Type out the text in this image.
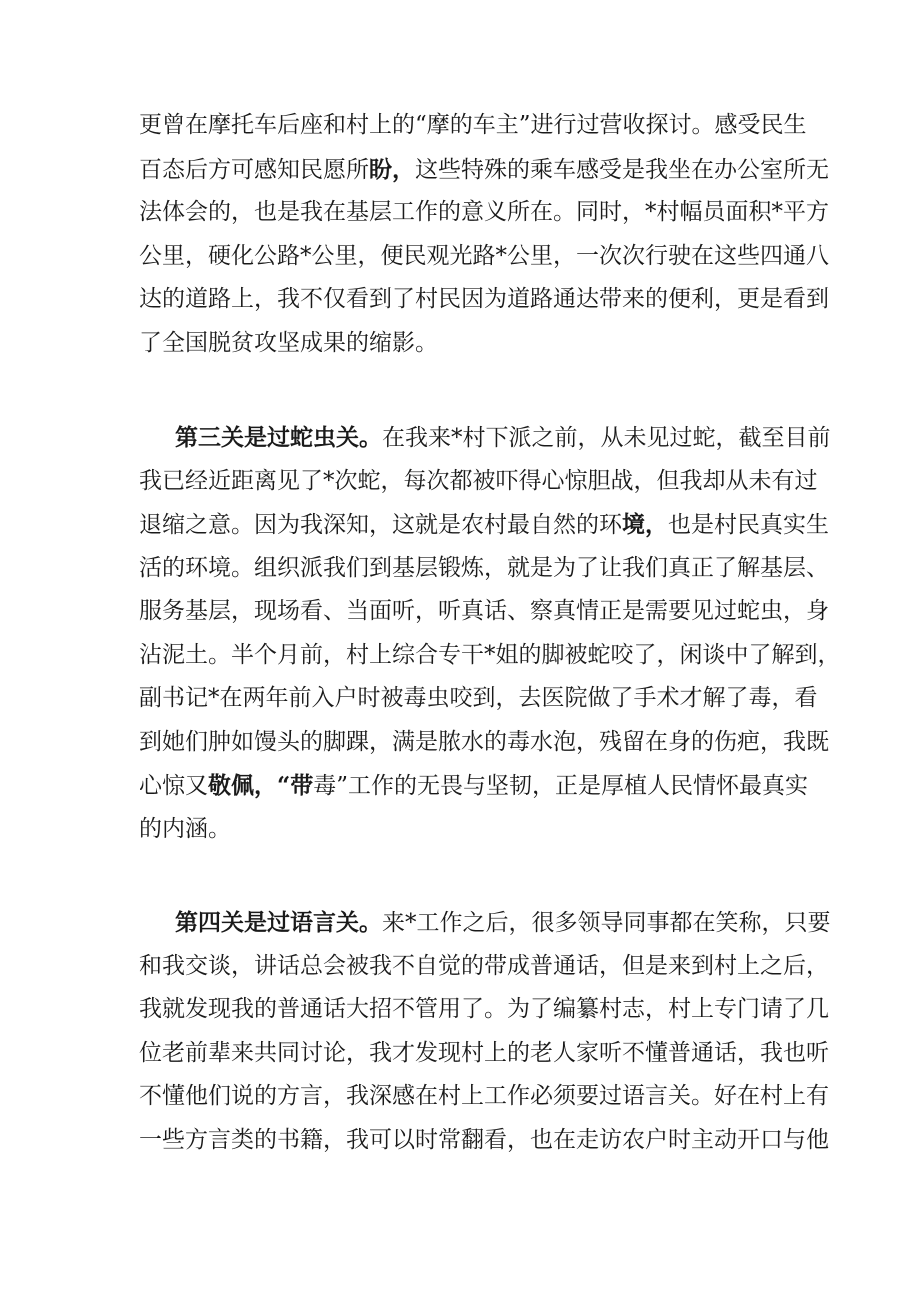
更曾在摩托车后座和村上的“摩的车主”进行过营收探讨。感受民生
百态后方可感知民愿所盼，这些特殊的乘车感受是我坐在办公室所无
法体会的，也是我在基层工作的意义所在。同时，*村幅员面积*平方
公里，硬化公路*公里，便民观光路*公里，一次次行驶在这些四通八
达的道路上，我不仅看到了村民因为道路通达带来的便利，更是看到
了全国脱贫攻坚成果的缩影。
第三关是过蛇虫关。在我来*村下派之前，从未见过蛇，截至目前
我已经近距离见了*次蛇，每次都被吓得心惊胆战，但我却从未有过
退缩之意。因为我深知，这就是农村最自然的环境，也是村民真实生
活的环境。组织派我们到基层锻炼，就是为了让我们真正了解基层、
服务基层，现场看、当面听，听真话、察真情正是需要见过蛇虫，身
沾泥土。半个月前，村上综合专干*姐的脚被蛇咬了，闲谈中了解到，
副书记*在两年前入户时被毒虫咬到，去医院做了手术才解了毒，看
到她们肿如馒头的脚踝，满是脓水的毒水泡，残留在身的伤疤，我既
心惊又敬佩，“带毒”工作的无畏与坚韧，正是厚植人民情怀最真实
的内涵。
第四关是过语言关。来*工作之后，很多领导同事都在笑称，只要
和我交谈，讲话总会被我不自觉的带成普通话，但是来到村上之后，
我就发现我的普通话大招不管用了。为了编纂村志，村上专门请了几
位老前辈来共同讨论，我才发现村上的老人家听不懂普通话，我也听
不懂他们说的方言，我深感在村上工作必须要过语言关。好在村上有
一些方言类的书籍，我可以时常翻看，也在走访农户时主动开口与他
